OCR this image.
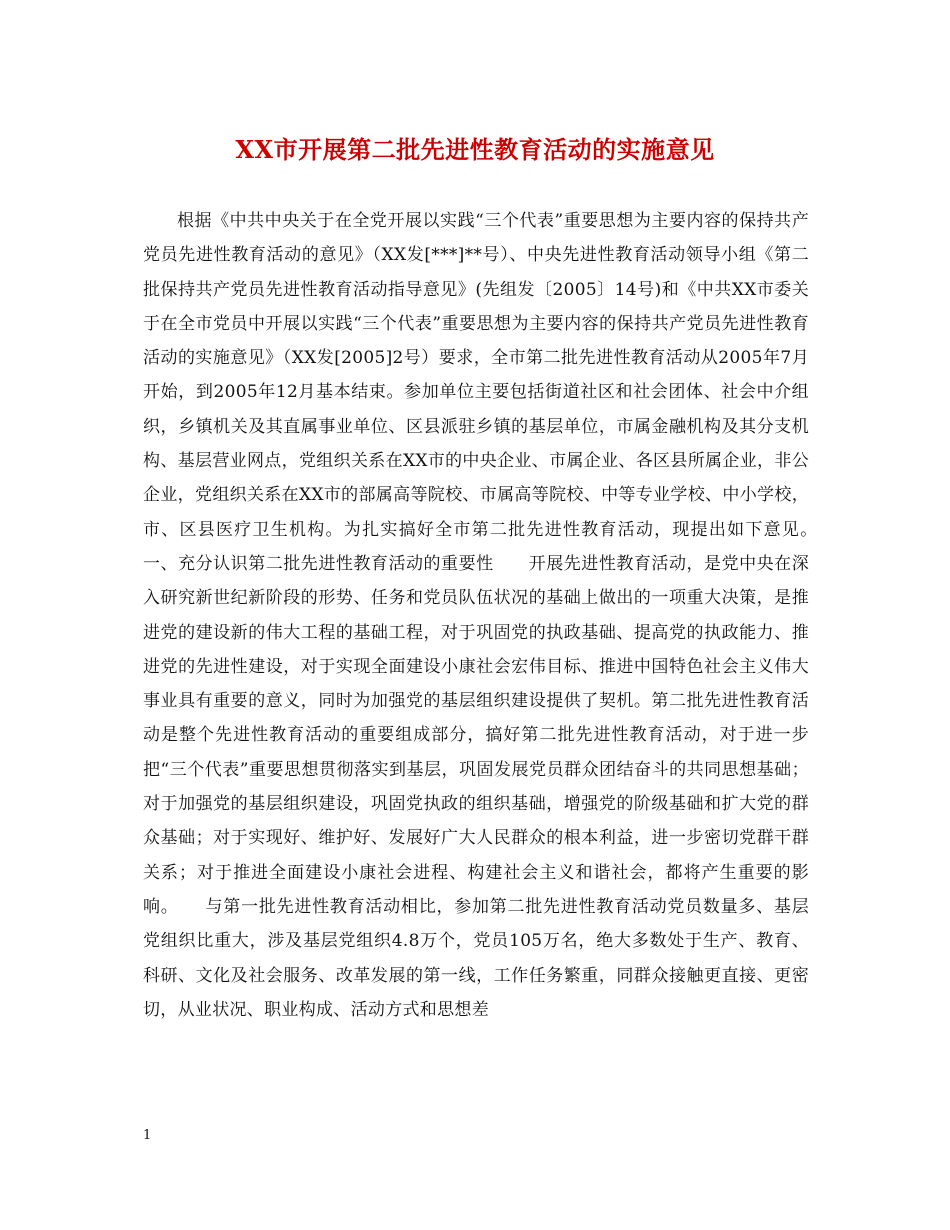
XX市开展第二批先进性教育活动的实施意见

根据《中共中央关于在全党开展以实践“三个代表”重要思想为主要内容的保持共产党员先进性教育活动的意见》（XX发[***]**号）、中央先进性教育活动领导小组《第二批保持共产党员先进性教育活动指导意见》(先组发〔2005〕14号)和《中共XX市委关于在全市党员中开展以实践“三个代表”重要思想为主要内容的保持共产党员先进性教育活动的实施意见》（XX发[2005]2号）要求，全市第二批先进性教育活动从2005年7月开始，到2005年12月基本结束。参加单位主要包括街道社区和社会团体、社会中介组织，乡镇机关及其直属事业单位、区县派驻乡镇的基层单位，市属金融机构及其分支机构、基层营业网点，党组织关系在XX市的中央企业、市属企业、各区县所属企业，非公企业，党组织关系在XX市的部属高等院校、市属高等院校、中等专业学校、中小学校，市、区县医疗卫生机构。为扎实搞好全市第二批先进性教育活动，现提出如下意见。　　一、充分认识第二批先进性教育活动的重要性　　开展先进性教育活动，是党中央在深入研究新世纪新阶段的形势、任务和党员队伍状况的基础上做出的一项重大决策，是推进党的建设新的伟大工程的基础工程，对于巩固党的执政基础、提高党的执政能力、推进党的先进性建设，对于实现全面建设小康社会宏伟目标、推进中国特色社会主义伟大事业具有重要的意义，同时为加强党的基层组织建设提供了契机。第二批先进性教育活动是整个先进性教育活动的重要组成部分，搞好第二批先进性教育活动，对于进一步把“三个代表”重要思想贯彻落实到基层，巩固发展党员群众团结奋斗的共同思想基础；对于加强党的基层组织建设，巩固党执政的组织基础，增强党的阶级基础和扩大党的群众基础；对于实现好、维护好、发展好广大人民群众的根本利益，进一步密切党群干群关系；对于推进全面建设小康社会进程、构建社会主义和谐社会，都将产生重要的影响。　　与第一批先进性教育活动相比，参加第二批先进性教育活动党员数量多、基层党组织比重大，涉及基层党组织4.8万个，党员105万名，绝大多数处于生产、教育、科研、文化及社会服务、改革发展的第一线，工作任务繁重，同群众接触更直接、更密切，从业状况、职业构成、活动方式和思想差

1
